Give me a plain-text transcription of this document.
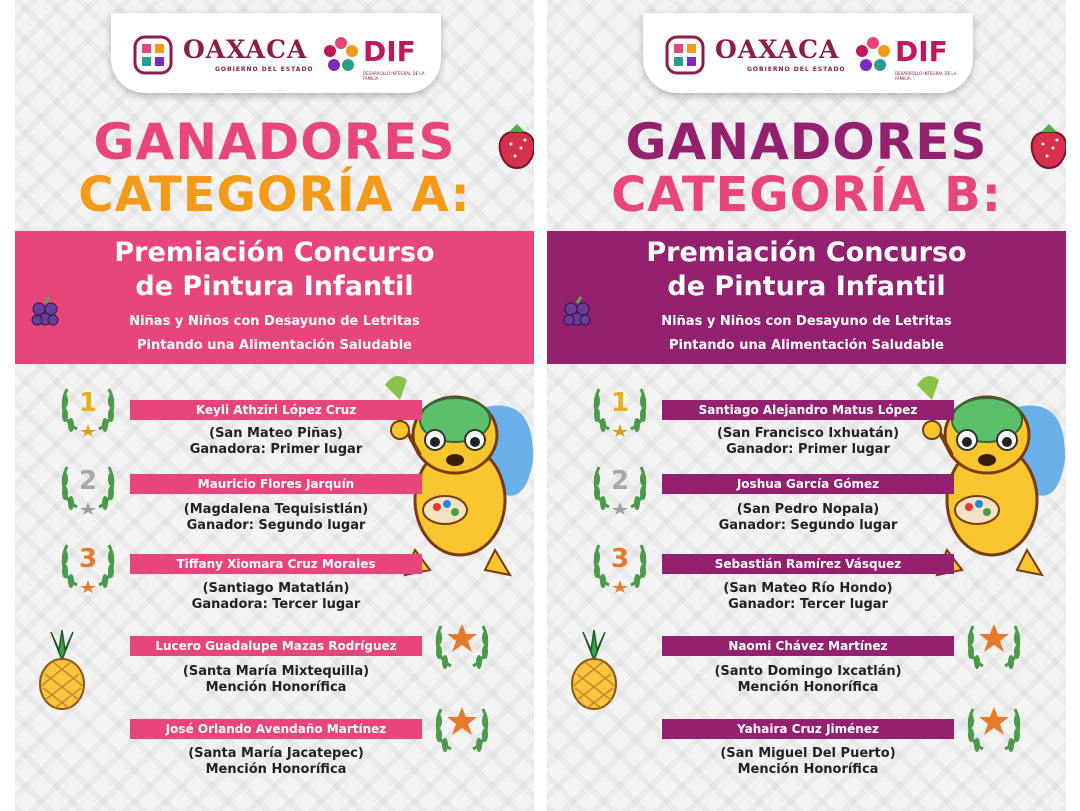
OAXACA
GOBIERNO DEL ESTADO
DIF
DESARROLLO INTEGRAL DE LA FAMILIA
GANADORES
CATEGORÍA A:
Premiación Concurso
de Pintura Infantil
Niñas y Niños con Desayuno de Letritas
Pintando una Alimentación Saludable
1	Keyli Athziri López Cruz
(San Mateo Piñas)
Ganadora: Primer lugar
2	Mauricio Flores Jarquín
(Magdalena Tequisistlán)
Ganador: Segundo lugar
3	Tiffany Xiomara Cruz Morales
(Santiago Matatlán)
Ganadora: Tercer lugar
Lucero Guadalupe Mazas Rodríguez
(Santa María Mixtequilla)
Mención Honorífica
José Orlando Avendaño Martínez
(Santa María Jacatepec)
Mención Honorífica
OAXACA
GOBIERNO DEL ESTADO
DIF
DESARROLLO INTEGRAL DE LA FAMILIA
GANADORES
CATEGORÍA B:
Premiación Concurso
de Pintura Infantil
Niñas y Niños con Desayuno de Letritas
Pintando una Alimentación Saludable
1	Santiago Alejandro Matus López
(San Francisco Ixhuatán)
Ganador: Primer lugar
2	Joshua García Gómez
(San Pedro Nopala)
Ganador: Segundo lugar
3	Sebastián Ramírez Vásquez
(San Mateo Río Hondo)
Ganador: Tercer lugar
Naomi Chávez Martínez
(Santo Domingo Ixcatlán)
Mención Honorífica
Yahaira Cruz Jiménez
(San Miguel Del Puerto)
Mención Honorífica
